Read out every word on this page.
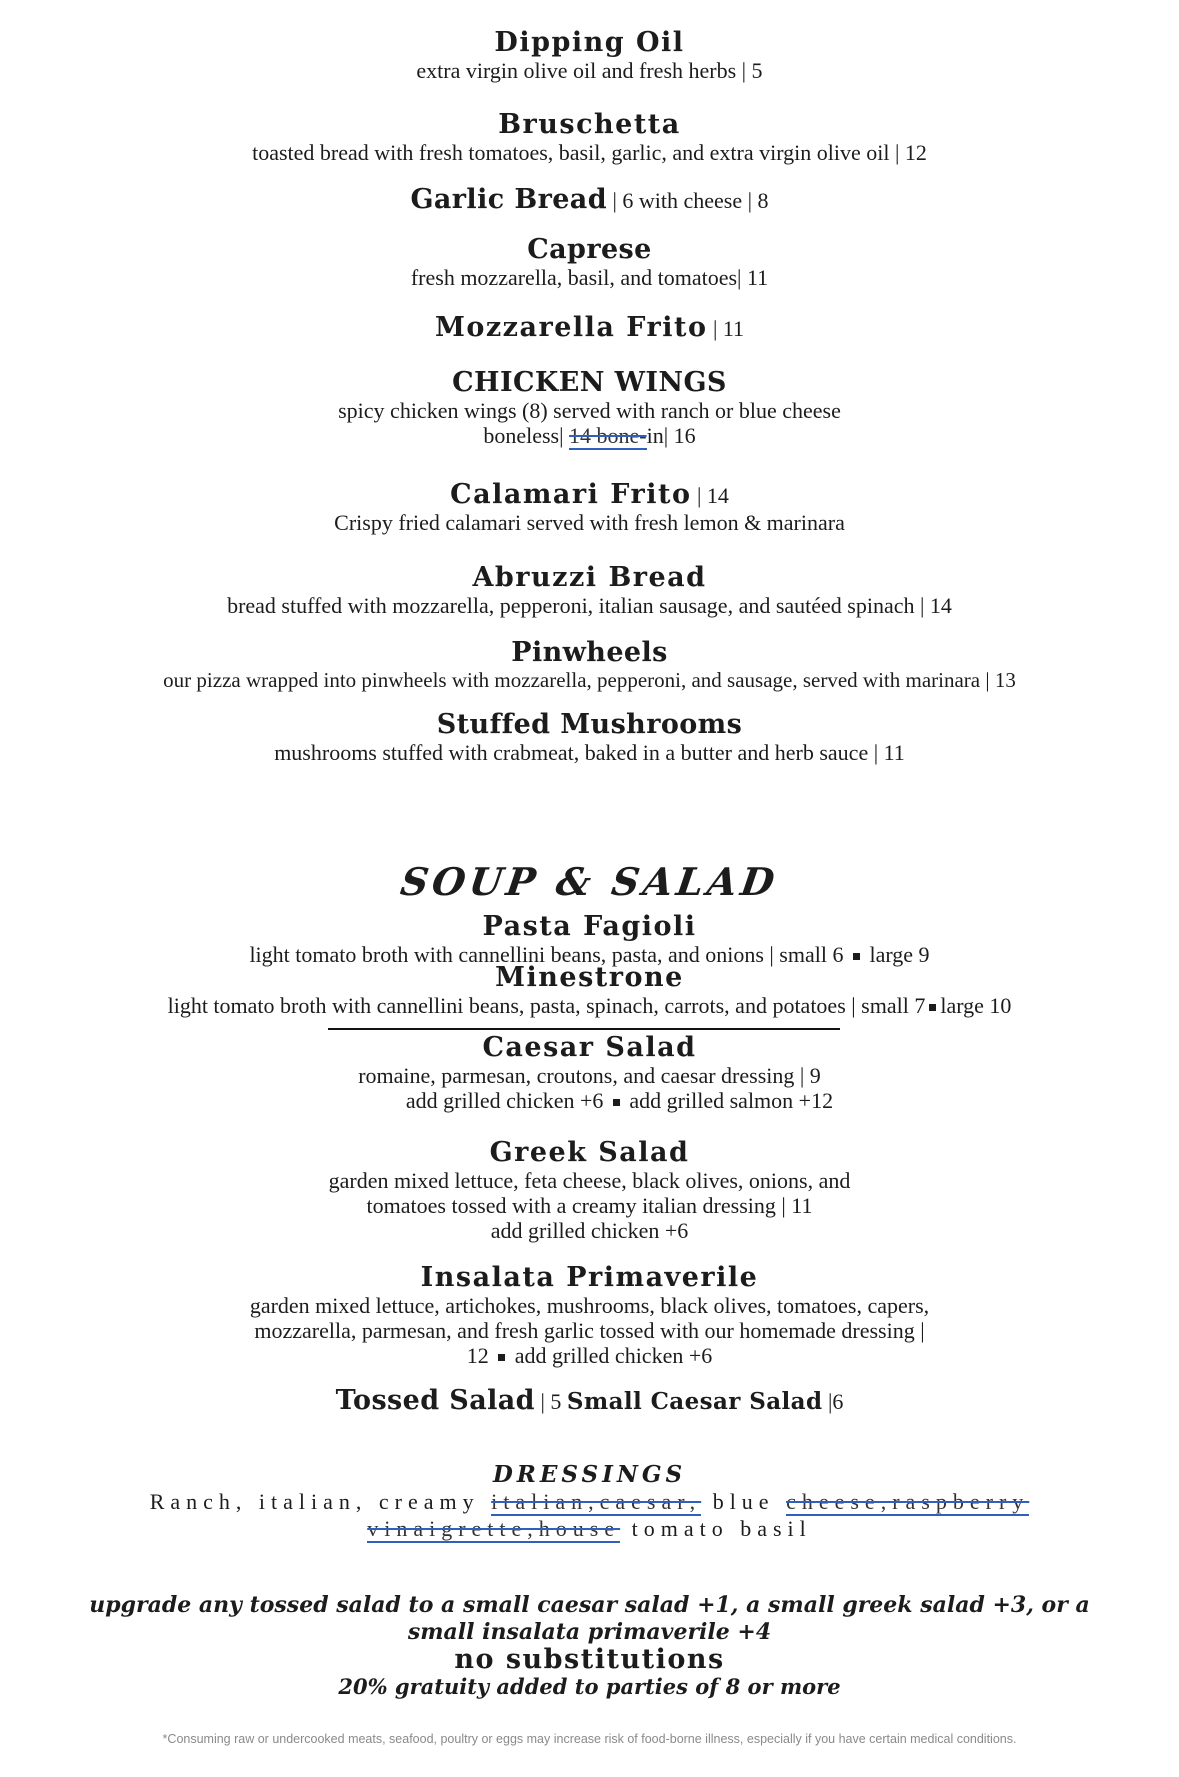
Dipping Oil
extra virgin olive oil and fresh herbs | 5
Bruschetta
toasted bread with fresh tomatoes, basil, garlic, and extra virgin olive oil | 12
Garlic Bread | 6 with cheese | 8
Caprese
fresh mozzarella, basil, and tomatoes| 11
Mozzarella Frito | 11
CHICKEN WINGS
spicy chicken wings (8) served with ranch or blue cheese
boneless| 14 bone-in| 16
Calamari Frito | 14
Crispy fried calamari served with fresh lemon & marinara
Abruzzi Bread
bread stuffed with mozzarella, pepperoni, italian sausage, and sautéed spinach | 14
Pinwheels
our pizza wrapped into pinwheels with mozzarella, pepperoni, and sausage, served with marinara | 13
Stuffed Mushrooms
mushrooms stuffed with crabmeat, baked in a butter and herb sauce | 11
SOUP & SALAD
Pasta Fagioli
light tomato broth with cannellini beans, pasta, and onions | small 6  large 9
Minestrone
light tomato broth with cannellini beans, pasta, spinach, carrots, and potatoes | small 7 large 10
Caesar Salad
romaine, parmesan, croutons, and caesar dressing | 9
add grilled chicken +6  add grilled salmon +12
Greek Salad
garden mixed lettuce, feta cheese, black olives, onions, and
tomatoes tossed with a creamy italian dressing | 11
add grilled chicken +6
Insalata Primaverile
garden mixed lettuce, artichokes, mushrooms, black olives, tomatoes, capers,
mozzarella, parmesan, and fresh garlic tossed with our homemade dressing |
12  add grilled chicken +6
Tossed Salad | 5 Small Caesar Salad |6
DRESSINGS
Ranch, italian, creamy italian,caesar, blue cheese,raspberry
vinaigrette,house tomato basil
upgrade any tossed salad to a small caesar salad +1, a small greek salad +3, or a
small insalata primaverile +4
no substitutions
20% gratuity added to parties of 8 or more
*Consuming raw or undercooked meats, seafood, poultry or eggs may increase risk of food-borne illness, especially if you have certain medical conditions.
